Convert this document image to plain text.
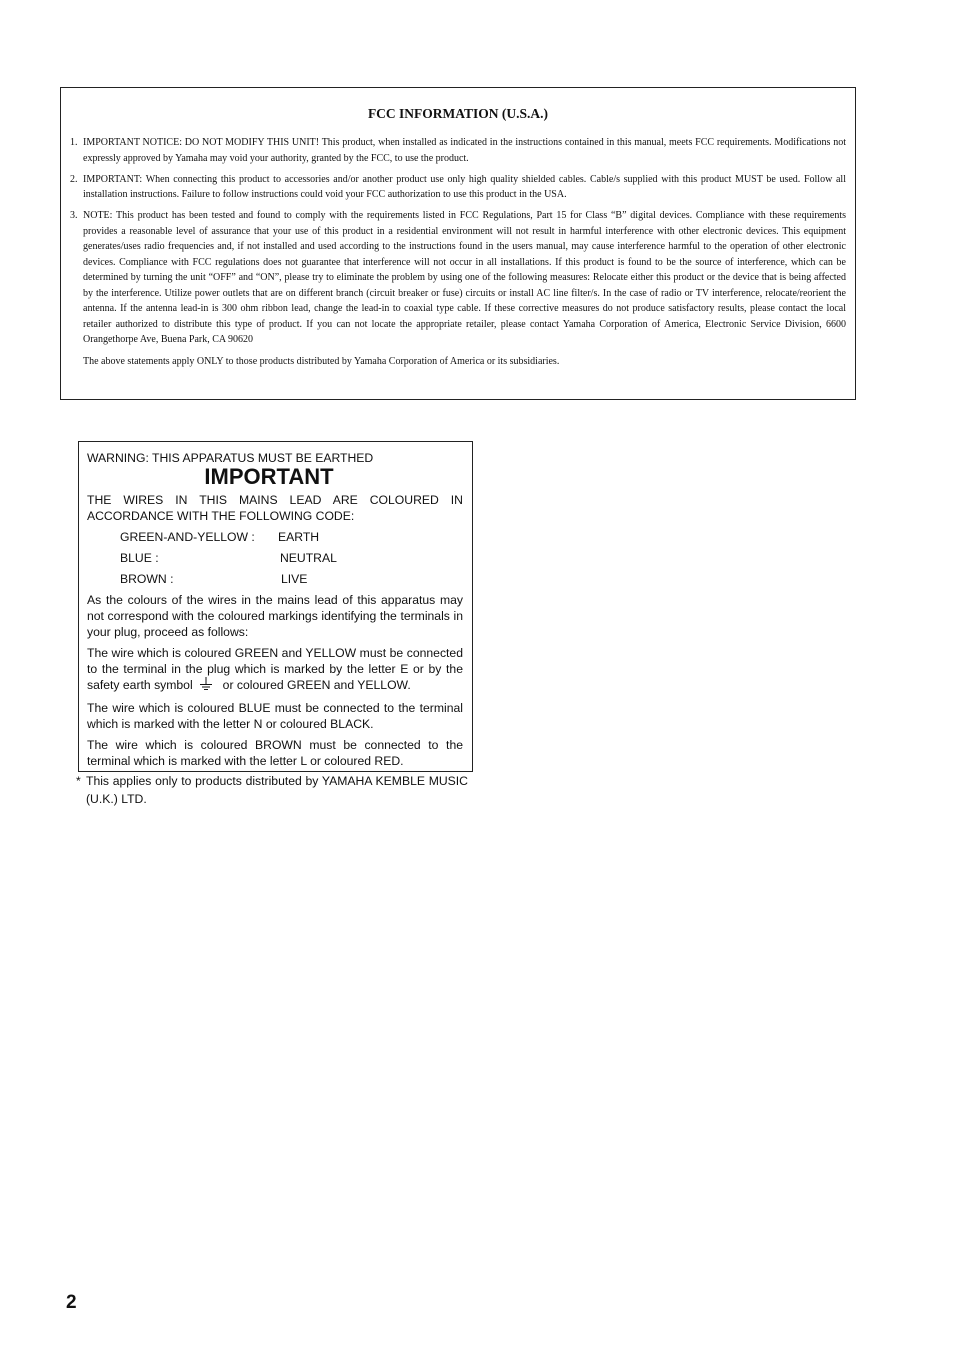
FCC INFORMATION (U.S.A.)
1. IMPORTANT NOTICE: DO NOT MODIFY THIS UNIT! This product, when installed as indicated in the instructions contained in this manual, meets FCC requirements. Modifications not expressly approved by Yamaha may void your authority, granted by the FCC, to use the product.
2. IMPORTANT: When connecting this product to accessories and/or another product use only high quality shielded cables. Cable/s supplied with this product MUST be used. Follow all installation instructions. Failure to follow instructions could void your FCC authorization to use this product in the USA.
3. NOTE: This product has been tested and found to comply with the requirements listed in FCC Regulations, Part 15 for Class “B” digital devices. Compliance with these requirements provides a reasonable level of assurance that your use of this product in a residential environment will not result in harmful interference with other electronic devices. This equipment generates/uses radio frequencies and, if not installed and used according to the instructions found in the users manual, may cause interference harmful to the operation of other electronic devices. Compliance with FCC regulations does not guarantee that interference will not occur in all installations. If this product is found to be the source of interference, which can be determined by turning the unit “OFF” and “ON”, please try to eliminate the problem by using one of the following measures: Relocate either this product or the device that is being affected by the interference. Utilize power outlets that are on different branch (circuit breaker or fuse) circuits or install AC line filter/s. In the case of radio or TV interference, relocate/reorient the antenna. If the antenna lead-in is 300 ohm ribbon lead, change the lead-in to coaxial type cable. If these corrective measures do not produce satisfactory results, please contact the local retailer authorized to distribute this type of product. If you can not locate the appropriate retailer, please contact Yamaha Corporation of America, Electronic Service Division, 6600 Orangethorpe Ave, Buena Park, CA 90620
The above statements apply ONLY to those products distributed by Yamaha Corporation of America or its subsidiaries.

WARNING: THIS APPARATUS MUST BE EARTHED

IMPORTANT

THE WIRES IN THIS MAINS LEAD ARE COLOURED IN ACCORDANCE WITH THE FOLLOWING CODE:

GREEN-AND-YELLOW : EARTH
BLUE :	NEUTRAL
BROWN :	LIVE

As the colours of the wires in the mains lead of this apparatus may not correspond with the coloured markings identifying the terminals in your plug, proceed as follows:

The wire which is coloured GREEN and YELLOW must be connected to the terminal in the plug which is marked by the letter E or by the safety earth symbol or coloured GREEN and YELLOW.

The wire which is coloured BLUE must be connected to the terminal which is marked with the letter N or coloured BLACK.

The wire which is coloured BROWN must be connected to the terminal which is marked with the letter L or coloured RED.

* This applies only to products distributed by YAMAHA KEMBLE MUSIC (U.K.) LTD.
2
